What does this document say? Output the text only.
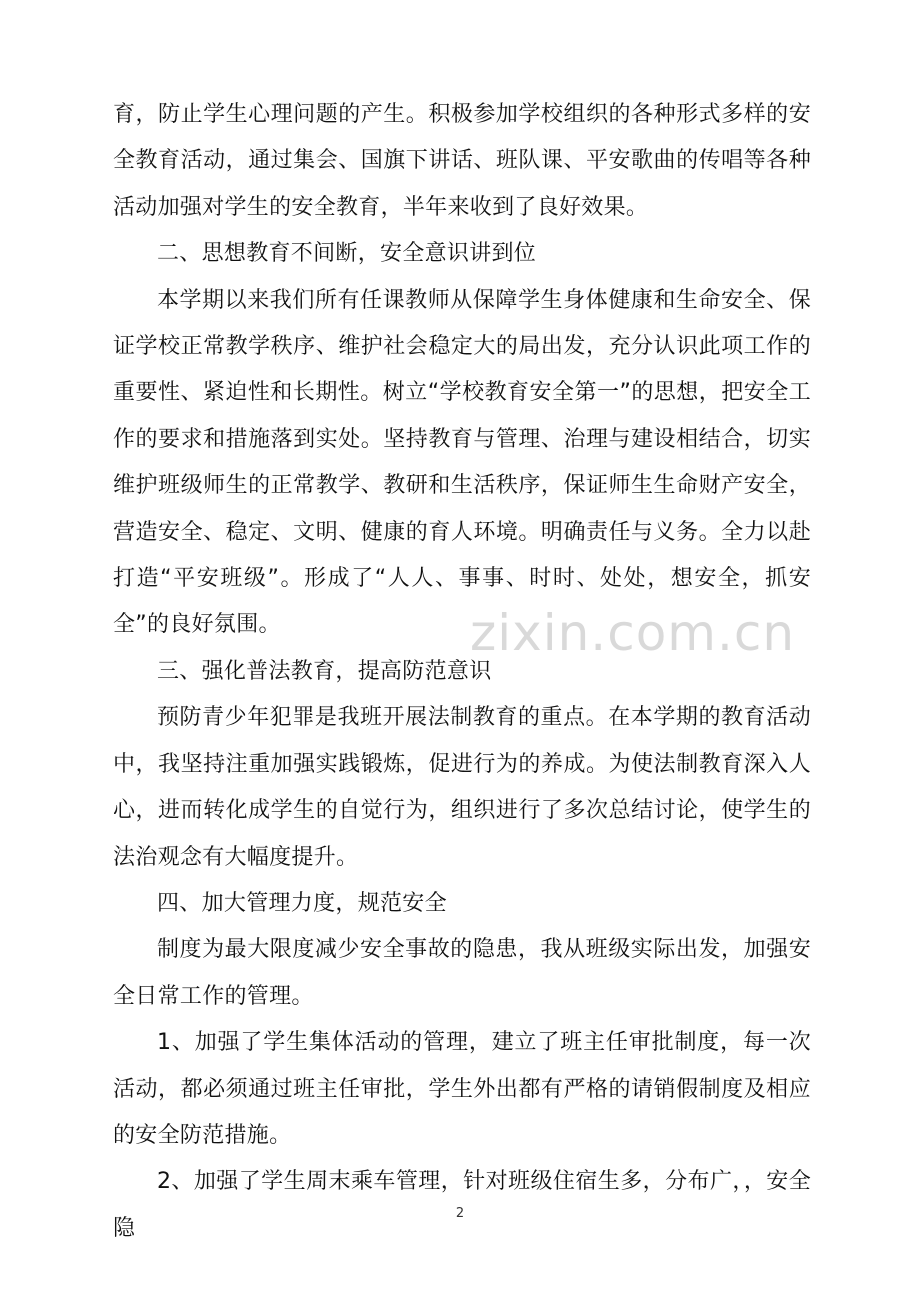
育，防止学生心理问题的产生。积极参加学校组织的各种形式多样的安全教育活动，通过集会、国旗下讲话、班队课、平安歌曲的传唱等各种活动加强对学生的安全教育，半年来收到了良好效果。

二、思想教育不间断，安全意识讲到位

本学期以来我们所有任课教师从保障学生身体健康和生命安全、保证学校正常教学秩序、维护社会稳定大的局出发，充分认识此项工作的重要性、紧迫性和长期性。树立“学校教育安全第一”的思想，把安全工作的要求和措施落到实处。坚持教育与管理、治理与建设相结合，切实维护班级师生的正常教学、教研和生活秩序，保证师生生命财产安全，营造安全、稳定、文明、健康的育人环境。明确责任与义务。全力以赴打造“平安班级”。形成了“人人、事事、时时、处处，想安全，抓安全”的良好氛围。

三、强化普法教育，提高防范意识

预防青少年犯罪是我班开展法制教育的重点。在本学期的教育活动中，我坚持注重加强实践锻炼，促进行为的养成。为使法制教育深入人心，进而转化成学生的自觉行为，组织进行了多次总结讨论，使学生的法治观念有大幅度提升。

四、加大管理力度，规范安全

制度为最大限度减少安全事故的隐患，我从班级实际出发，加强安全日常工作的管理。

1、加强了学生集体活动的管理，建立了班主任审批制度，每一次活动，都必须通过班主任审批，学生外出都有严格的请销假制度及相应的安全防范措施。

2、加强了学生周末乘车管理，针对班级住宿生多，分布广，，安全隐

zixin.com.cn
2
